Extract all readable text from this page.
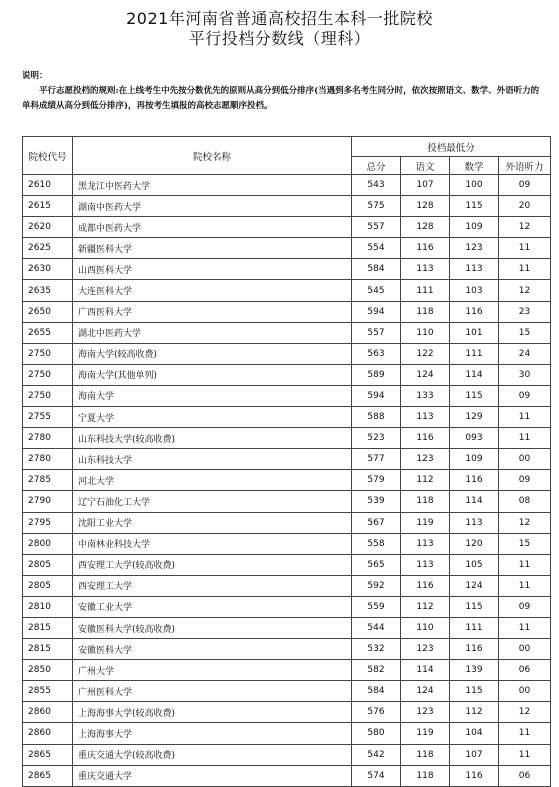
2021年河南省普通高校招生本科一批院校
平行投档分数线（理科）
说明：
平行志愿投档的规则:在上线考生中先按分数优先的原则从高分到低分排序(当遇到多名考生同分时，依次按照语文、数学、外语听力的单科成绩从高分到低分排序)，再按考生填报的高校志愿顺序投档。
院校代号	院校名称	投档最低分			
		总分	语文	数学	外语听力
2610	黑龙江中医药大学	543	107	100	09
2615	湖南中医药大学	575	128	115	20
2620	成都中医药大学	557	128	109	12
2625	新疆医科大学	554	116	123	11
2630	山西医科大学	584	113	113	11
2635	大连医科大学	545	111	103	12
2650	广西医科大学	594	118	116	23
2655	湖北中医药大学	557	110	101	15
2750	海南大学(较高收费)	563	122	111	24
2750	海南大学(其他单列)	589	124	114	30
2750	海南大学	594	133	115	09
2755	宁夏大学	588	113	129	11
2780	山东科技大学(较高收费)	523	116	093	11
2780	山东科技大学	577	123	109	00
2785	河北大学	579	112	116	09
2790	辽宁石油化工大学	539	118	114	08
2795	沈阳工业大学	567	119	113	12
2800	中南林业科技大学	558	113	120	15
2805	西安理工大学(较高收费)	565	113	105	11
2805	西安理工大学	592	116	124	11
2810	安徽工业大学	559	112	115	09
2815	安徽医科大学(较高收费)	544	110	111	11
2815	安徽医科大学	532	123	116	00
2850	广州大学	582	114	139	06
2855	广州医科大学	584	124	115	00
2860	上海海事大学(较高收费)	576	123	112	12
2860	上海海事大学	580	119	104	11
2865	重庆交通大学(较高收费)	542	118	107	11
2865	重庆交通大学	574	118	116	06
